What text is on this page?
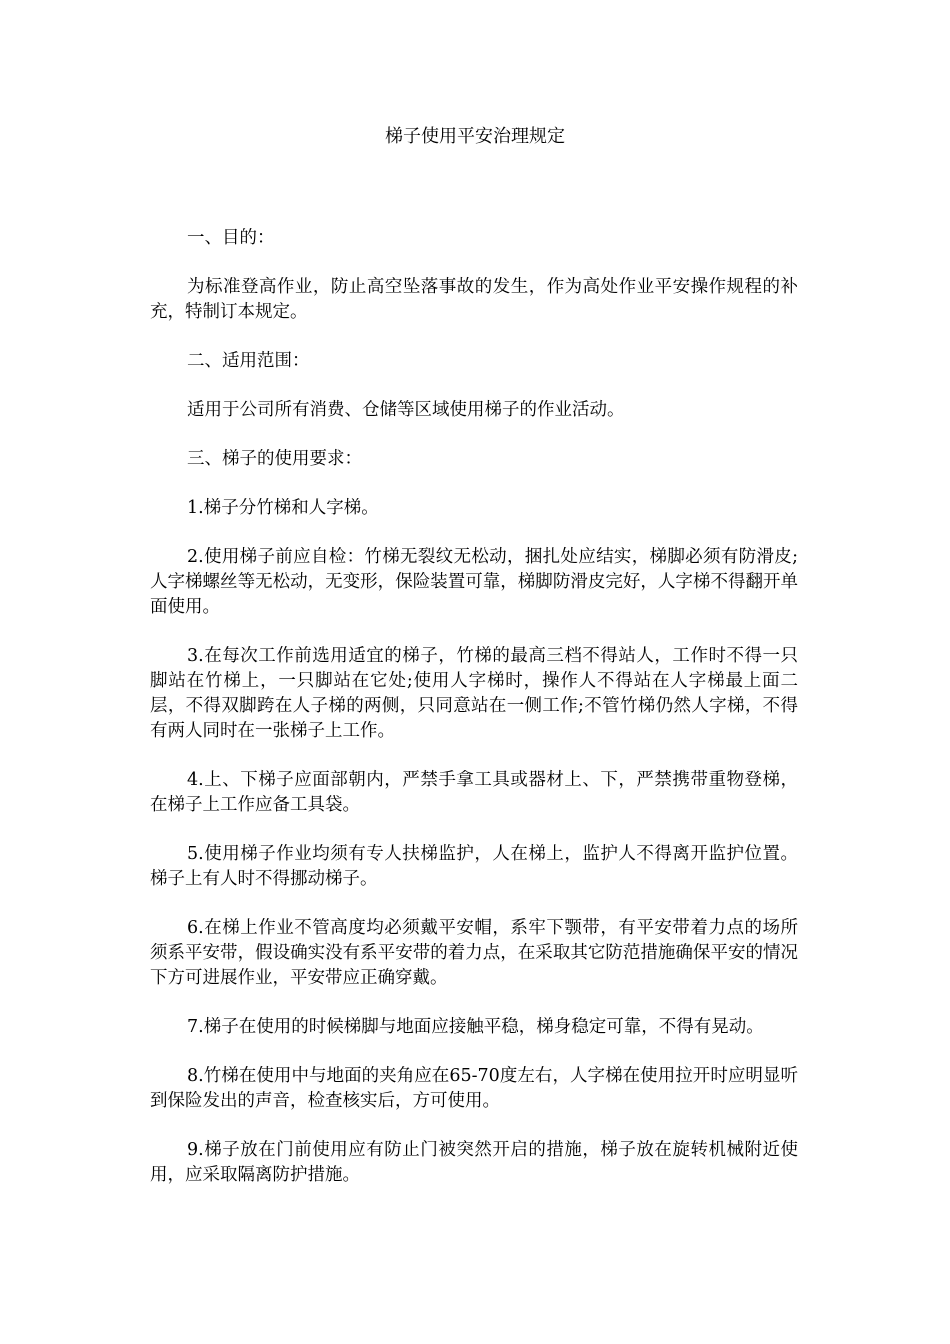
梯子使用平安治理规定

一、目的：

为标准登高作业，防止高空坠落事故的发生，作为高处作业平安操作规程的补充，特制订本规定。

二、适用范围：

适用于公司所有消费、仓储等区域使用梯子的作业活动。

三、梯子的使用要求：

1.梯子分竹梯和人字梯。

2.使用梯子前应自检：竹梯无裂纹无松动，捆扎处应结实，梯脚必须有防滑皮;人字梯螺丝等无松动，无变形，保险装置可靠，梯脚防滑皮完好，人字梯不得翻开单面使用。

3.在每次工作前选用适宜的梯子，竹梯的最高三档不得站人，工作时不得一只脚站在竹梯上，一只脚站在它处;使用人字梯时，操作人不得站在人字梯最上面二层，不得双脚跨在人子梯的两侧，只同意站在一侧工作;不管竹梯仍然人字梯，不得有两人同时在一张梯子上工作。

4.上、下梯子应面部朝内，严禁手拿工具或器材上、下，严禁携带重物登梯，在梯子上工作应备工具袋。

5.使用梯子作业均须有专人扶梯监护，人在梯上，监护人不得离开监护位置。梯子上有人时不得挪动梯子。

6.在梯上作业不管高度均必须戴平安帽，系牢下颚带，有平安带着力点的场所须系平安带，假设确实没有系平安带的着力点，在采取其它防范措施确保平安的情况下方可进展作业，平安带应正确穿戴。

7.梯子在使用的时候梯脚与地面应接触平稳，梯身稳定可靠，不得有晃动。

8.竹梯在使用中与地面的夹角应在65-70度左右，人字梯在使用拉开时应明显听到保险发出的声音，检查核实后，方可使用。

9.梯子放在门前使用应有防止门被突然开启的措施，梯子放在旋转机械附近使用，应采取隔离防护措施。
